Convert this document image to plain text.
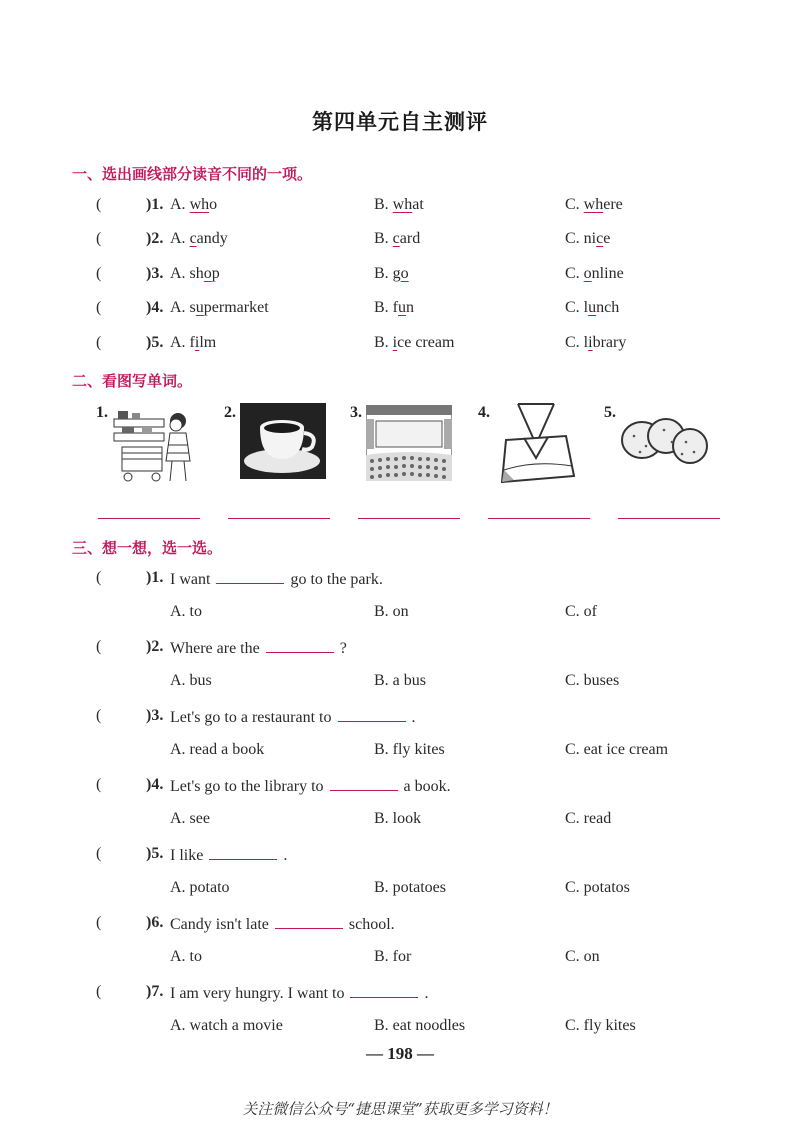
第四单元自主测评
一、选出画线部分读音不同的一项。
(	)1. A. who	B. what	C. where
(	)2. A. candy	B. card	C. nice
(	)3. A. shop	B. go	C. online
(	)4. A. supermarket	B. fun	C. lunch
(	)5. A. film	B. ice cream	C. library
二、看图写单词。
1.	2.	3.	4.	5.
三、想一想，选一选。
(	)1. I want	go to the park.
A. to	B. on	C. of
(	)2. Where are the	?
A. bus	B. a bus	C. buses
(	)3. Let's go to a restaurant to	.
A. read a book	B. fly kites	C. eat ice cream
(	)4. Let's go to the library to	a book.
A. see	B. look	C. read
(	)5. I like	.
A. potato	B. potatoes	C. potatos
(	)6. Candy isn't late	school.
A. to	B. for	C. on
(	)7. I am very hungry. I want to	.
A. watch a movie	B. eat noodles	C. fly kites
— 198 —
关注微信公众号“捷思课堂”获取更多学习资料！
